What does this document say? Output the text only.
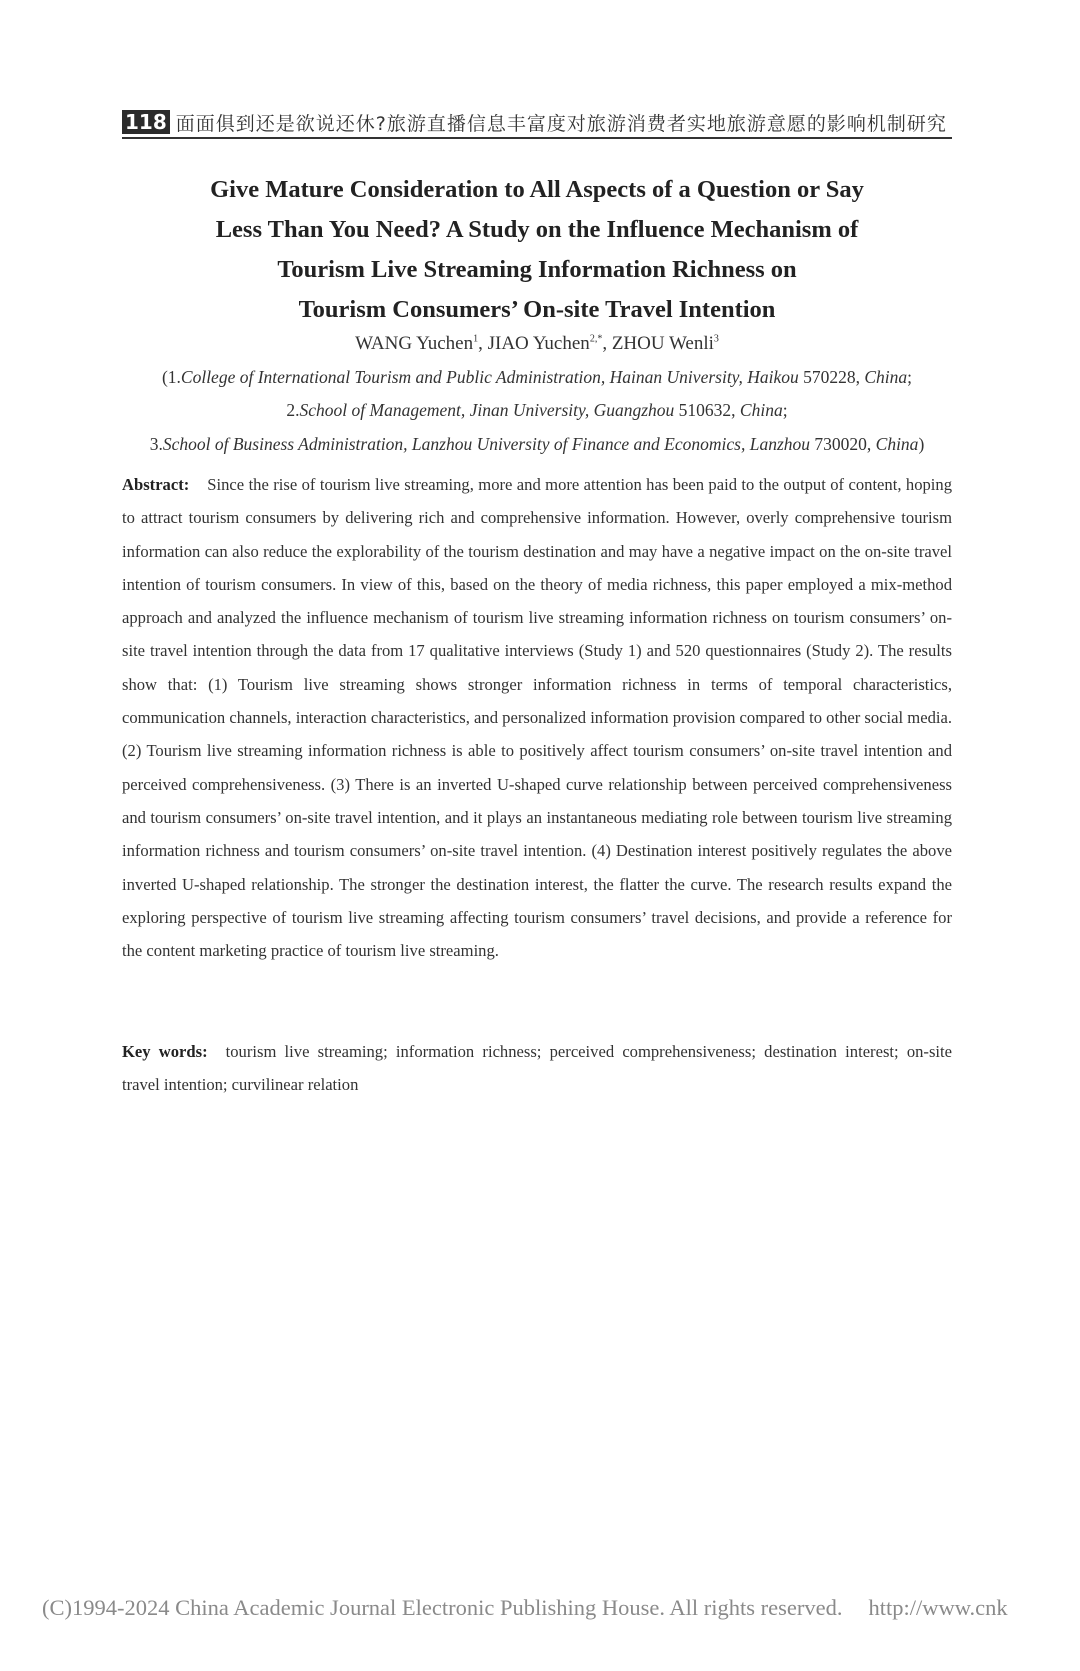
118 面面俱到还是欲说还休?旅游直播信息丰富度对旅游消费者实地旅游意愿的影响机制研究
Give Mature Consideration to All Aspects of a Question or Say
Less Than You Need? A Study on the Influence Mechanism of
Tourism Live Streaming Information Richness on
Tourism Consumers’ On-site Travel Intention
WANG Yuchen$^1$, JIAO Yuchen$^{2,*}$, ZHOU Wenli$^3$
(1.College of International Tourism and Public Administration, Hainan University, Haikou 570228, China;
2.School of Management, Jinan University, Guangzhou 510632, China;
3.School of Business Administration, Lanzhou University of Finance and Economics, Lanzhou 730020, China)
Abstract: Since the rise of tourism live streaming, more and more attention has been paid to the output of content, hoping to attract tourism consumers by delivering rich and comprehensive information. However, overly comprehensive tourism information can also reduce the explorability of the tourism destination and may have a negative impact on the on-site travel intention of tourism consumers. In view of this, based on the theory of media richness, this paper employed a mix-method approach and analyzed the influence mechanism of tourism live streaming information richness on tourism consumers’ on-site travel intention through the data from 17 qualitative interviews (Study 1) and 520 questionnaires (Study 2). The results show that: (1) Tourism live streaming shows stronger information richness in terms of temporal characteristics, communication channels, interaction characteristics, and personalized information provision compared to other social media. (2) Tourism live streaming information richness is able to positively affect tourism consumers’ on-site travel intention and perceived comprehensiveness. (3) There is an inverted U-shaped curve relationship between perceived comprehensiveness and tourism consumers’ on-site travel intention, and it plays an instantaneous mediating role between tourism live streaming information richness and tourism consumers’ on-site travel intention. (4) Destination interest positively regulates the above inverted U-shaped relationship. The stronger the destination interest, the flatter the curve. The research results expand the exploring perspective of tourism live streaming affecting tourism consumers’ travel decisions, and provide a reference for the content marketing practice of tourism live streaming.
Key words: tourism live streaming; information richness; perceived comprehensiveness; destination interest; on-site travel intention; curvilinear relation
(C)1994-2024 China Academic Journal Electronic Publishing House. All rights reserved. http://www.cnk
